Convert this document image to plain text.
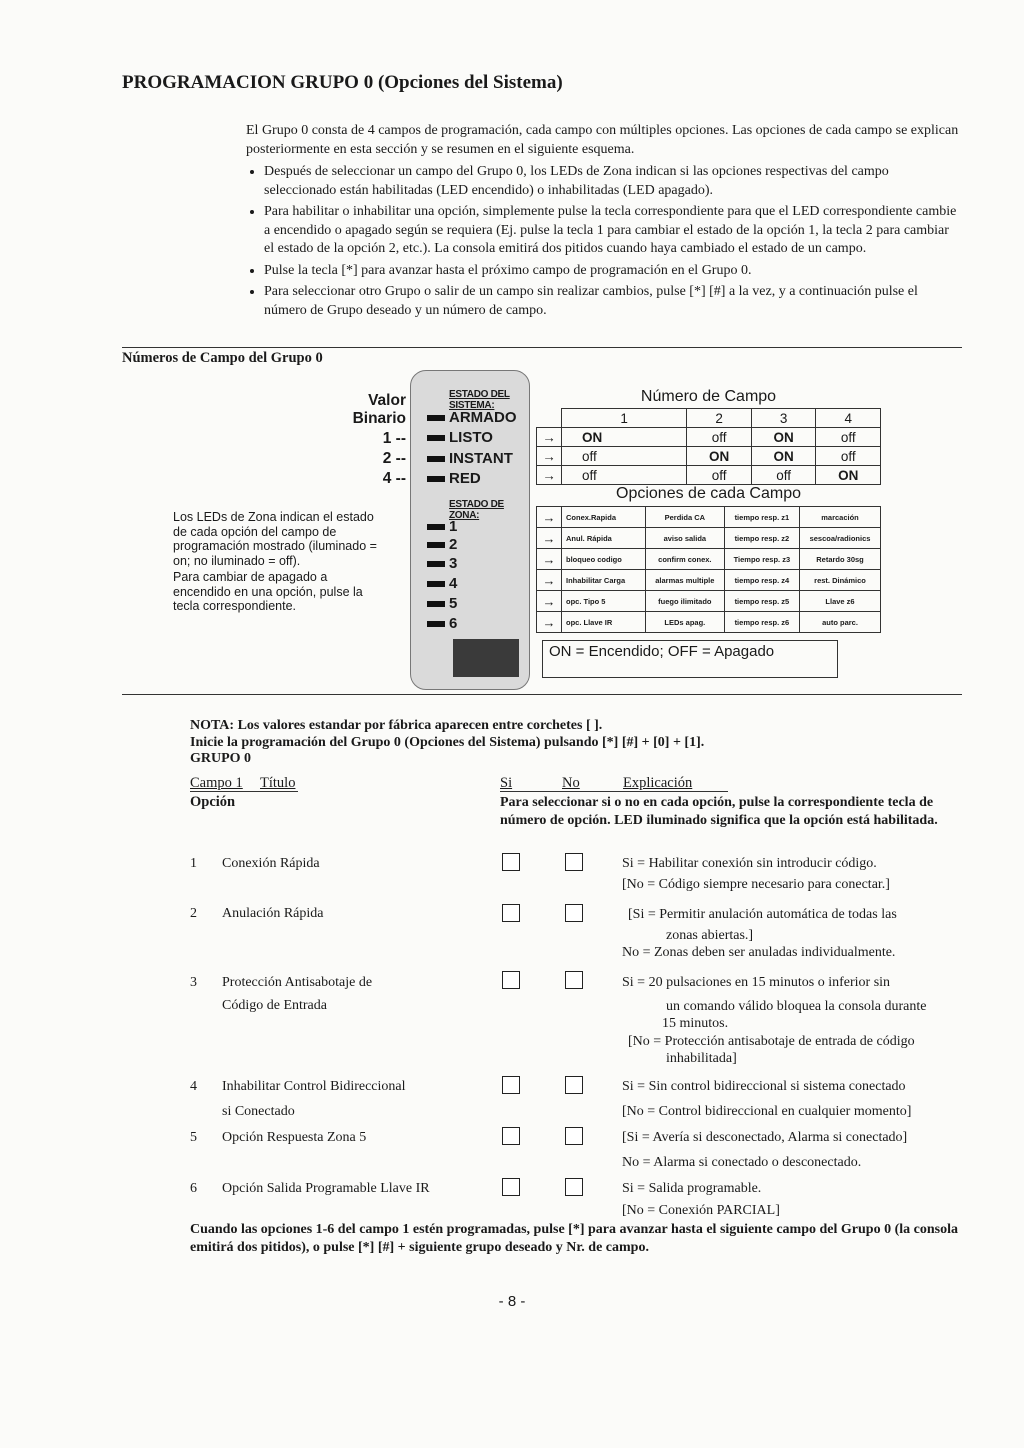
PROGRAMACION GRUPO 0 (Opciones del Sistema)

El Grupo 0 consta de 4 campos de programación, cada campo con múltiples opciones. Las opciones de cada campo se explican posteriormente en esta sección y se resumen en el siguiente esquema.

• Después de seleccionar un campo del Grupo 0, los LEDs de Zona indican si las opciones respectivas del campo seleccionado están habilitadas (LED encendido) o inhabilitadas (LED apagado).
• Para habilitar o inhabilitar una opción, simplemente pulse la tecla correspondiente para que el LED correspondiente cambie a encendido o apagado según se requiera (Ej. pulse la tecla 1 para cambiar el estado de la opción 1, la tecla 2 para cambiar el estado de la opción 2, etc.). La consola emitirá dos pitidos cuando haya cambiado el estado de un campo.
• Pulse la tecla [*] para avanzar hasta el próximo campo de programación en el Grupo 0.
• Para seleccionar otro Grupo o salir de un campo sin realizar cambios, pulse [*] [#] a la vez, y a continuación pulse el número de Grupo deseado y un número de campo.
Números de Campo del Grupo 0
Valor
Binario
1 --
2 --
4 --

Los LEDs de Zona indican el estado de cada opción del campo de programación mostrado (iluminado = on; no iluminado = off).

Para cambiar de apagado a encendido en una opción, pulse la tecla correspondiente.

ESTADO DEL SISTEMA:
ARMADO
LISTO
INSTANT
RED
ESTADO DE ZONA:
1
2
3
4
5
6
Número de Campo
	1	2	3	4
→	ON	off	ON	off
→	off	ON	ON	off
→	off	off	off	ON
Opciones de cada Campo
→	Conex.Rapida	Perdida CA	tiempo resp. z1	marcación
→	Anul. Rápida	aviso salida	tiempo resp. z2	sescoa/radionics
→	bloqueo codigo	confirm conex.	Tiempo resp. z3	Retardo 30sg
→	Inhabilitar Carga	alarmas multiple	tiempo resp. z4	rest. Dinámico
→	opc. Tipo 5	fuego ilimitado	tiempo resp. z5	Llave z6
→	opc. Llave IR	LEDs apag.	tiempo resp. z6	auto parc.
ON = Encendido; OFF = Apagado
NOTA: Los valores estandar por fábrica aparecen entre corchetes [ ].
Inicie la programación del Grupo 0 (Opciones del Sistema) pulsando [*] [#] + [0] + [1].
GRUPO 0
Campo 1 Título	Si	No	Explicación
Opción	Para seleccionar si o no en cada opción, pulse la correspondiente tecla de número de opción. LED iluminado significa que la opción está habilitada.
1 Conexión Rápida	Si = Habilitar conexión sin introducir código.
[No = Código siempre necesario para conectar.]
2 Anulación Rápida	[Si = Permitir anulación automática de todas las
zonas abiertas.]
No = Zonas deben ser anuladas individualmente.
3 Protección Antisabotaje de
Código de Entrada
Si = 20 pulsaciones en 15 minutos o inferior sin
un comando válido bloquea la consola durante
15 minutos.
[No = Protección antisabotaje de entrada de código
inhabilitada]
4 Inhabilitar Control Bidireccional
si Conectado
Si = Sin control bidireccional si sistema conectado
[No = Control bidireccional en cualquier momento]
5 Opción Respuesta Zona 5	[Si = Avería si desconectado, Alarma si conectado]
No = Alarma si conectado o desconectado.
6 Opción Salida Programable Llave IR	Si = Salida programable.
[No = Conexión PARCIAL]
Cuando las opciones 1-6 del campo 1 estén programadas, pulse [*] para avanzar hasta el siguiente campo del Grupo 0 (la consola emitirá dos pitidos), o pulse [*] [#] + siguiente grupo deseado y Nr. de campo.
- 8 -
